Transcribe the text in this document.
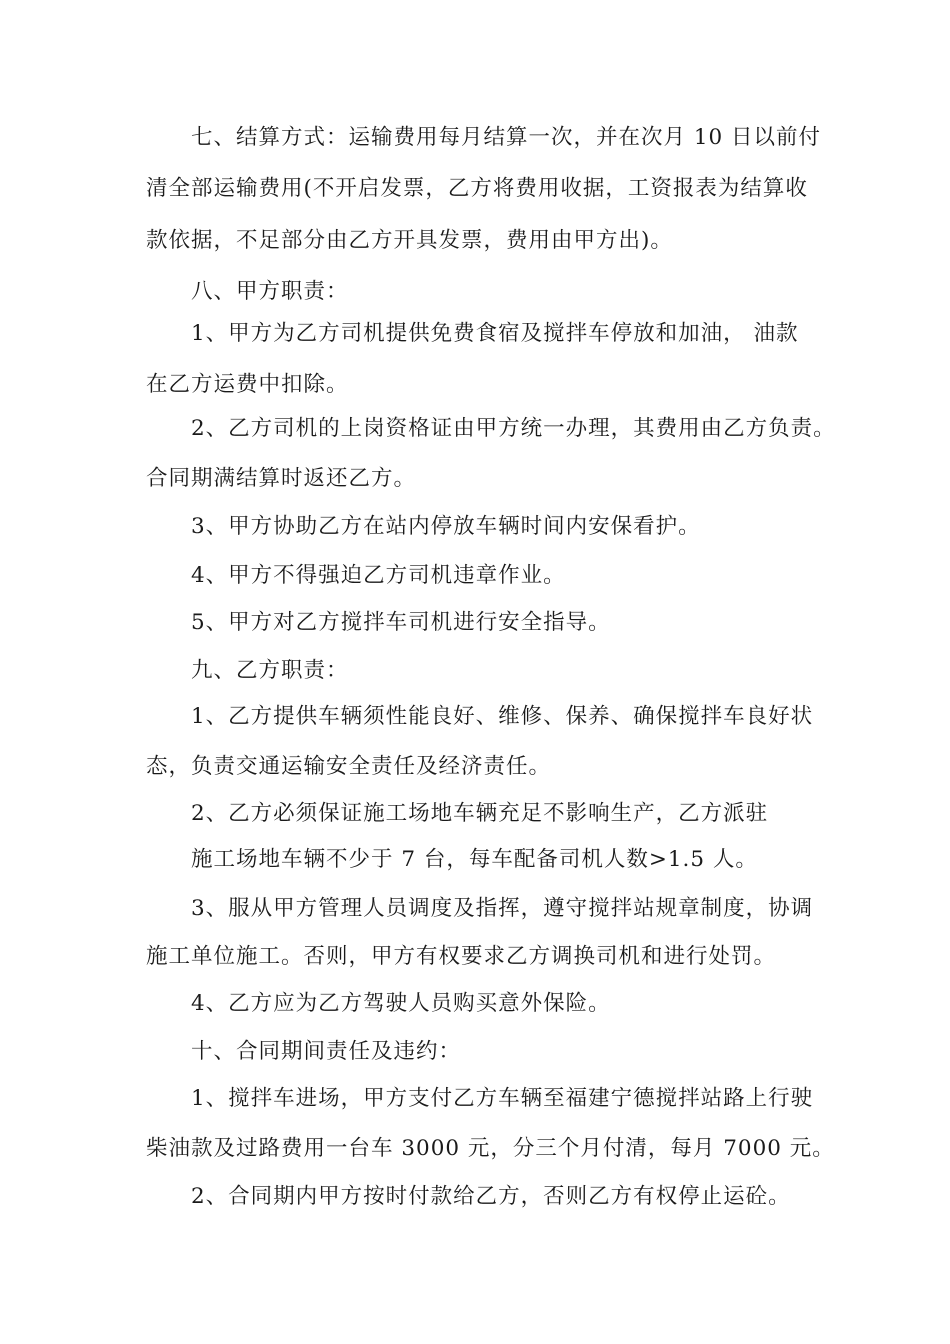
七、结算方式：运输费用每月结算一次，并在次月 10 日以前付
清全部运输费用(不开启发票，乙方将费用收据，工资报表为结算收
款依据，不足部分由乙方开具发票，费用由甲方出)。
八、甲方职责：
1、甲方为乙方司机提供免费食宿及搅拌车停放和加油， 油款
在乙方运费中扣除。
2、乙方司机的上岗资格证由甲方统一办理，其费用由乙方负责。
合同期满结算时返还乙方。
3、甲方协助乙方在站内停放车辆时间内安保看护。
4、甲方不得强迫乙方司机违章作业。
5、甲方对乙方搅拌车司机进行安全指导。
九、乙方职责：
1、乙方提供车辆须性能良好、维修、保养、确保搅拌车良好状
态，负责交通运输安全责任及经济责任。
2、乙方必须保证施工场地车辆充足不影响生产，乙方派驻
施工场地车辆不少于 7 台，每车配备司机人数>1.5 人。
3、服从甲方管理人员调度及指挥，遵守搅拌站规章制度，协调
施工单位施工。否则，甲方有权要求乙方调换司机和进行处罚。
4、乙方应为乙方驾驶人员购买意外保险。
十、合同期间责任及违约：
1、搅拌车进场，甲方支付乙方车辆至福建宁德搅拌站路上行驶
柴油款及过路费用一台车 3000 元，分三个月付清，每月 7000 元。
2、合同期内甲方按时付款给乙方，否则乙方有权停止运砼。
